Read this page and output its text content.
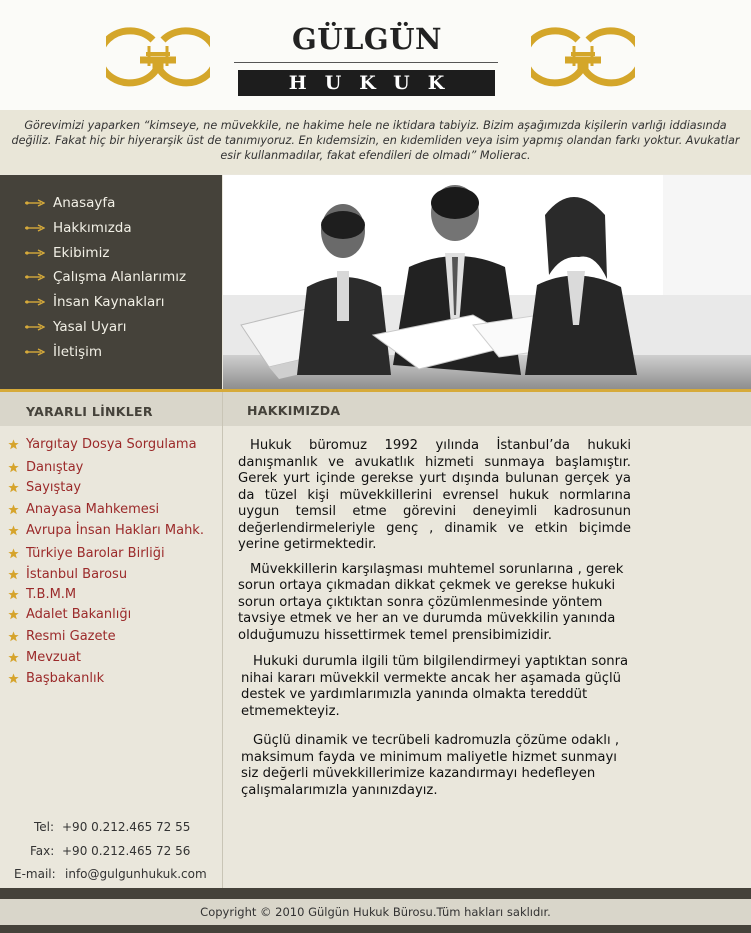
GÜLGÜN
HUKUK
Görevimizi yaparken “kimseye, ne müvekkile, ne hakime hele ne iktidara tabiyiz. Bizim aşağımızda kişilerin varlığı iddiasında değiliz. Fakat hiç bir hiyerarşik üst de tanımıyoruz. En kıdemsizin, en kıdemliden veya isim yapmış olandan farkı yoktur. Avukatlar esir kullanmadılar, fakat efendileri de olmadı” Molierac.
Anasayfa
Hakkımızda
Ekibimiz
Çalışma Alanlarımız
İnsan Kaynakları
Yasal Uyarı
İletişim
YARARLI LİNKLER	HAKKIMIZDA
Yargıtay Dosya Sorgulama
Danıştay
Sayıştay
Anayasa Mahkemesi
Avrupa İnsan Hakları Mahk.
Türkiye Barolar Birliği
İstanbul Barosu
T.B.M.M
Adalet Bakanlığı
Resmi Gazete
Mevzuat
Başbakanlık
Tel: +90 0.212.465 72 55
Fax: +90 0.212.465 72 56
E-mail: info@gulgunhukuk.com

Hukuk büromuz 1992 yılında İstanbul’da hukuki danışmanlık ve avukatlık hizmeti sunmaya başlamıştır. Gerek yurt içinde gerekse yurt dışında bulunan gerçek ya da tüzel kişi müvekkillerini evrensel hukuk normlarına uygun temsil etme görevini deneyimli kadrosunun değerlendirmeleriyle genç , dinamik ve etkin biçimde yerine getirmektedir.

Müvekkillerin karşılaşması muhtemel sorunlarına , gerek sorun ortaya çıkmadan dikkat çekmek ve gerekse hukuki sorun ortaya çıktıktan sonra çözümlenmesinde yöntem tavsiye etmek ve her an ve durumda müvekkilin yanında olduğumuzu hissettirmek temel prensibimizidir.

Hukuki durumla ilgili tüm bilgilendirmeyi yaptıktan sonra nihai kararı müvekkil vermekte ancak her aşamada güçlü destek ve yardımlarımızla yanında olmakta tereddüt etmemekteyiz.

Güçlü dinamik ve tecrübeli kadromuzla çözüme odaklı , maksimum fayda ve minimum maliyetle hizmet sunmayı siz değerli müvekkillerimize kazandırmayı hedefleyen çalışmalarımızla yanınızdayız.

Copyright © 2010 Gülgün Hukuk Bürosu.Tüm hakları saklıdır.
